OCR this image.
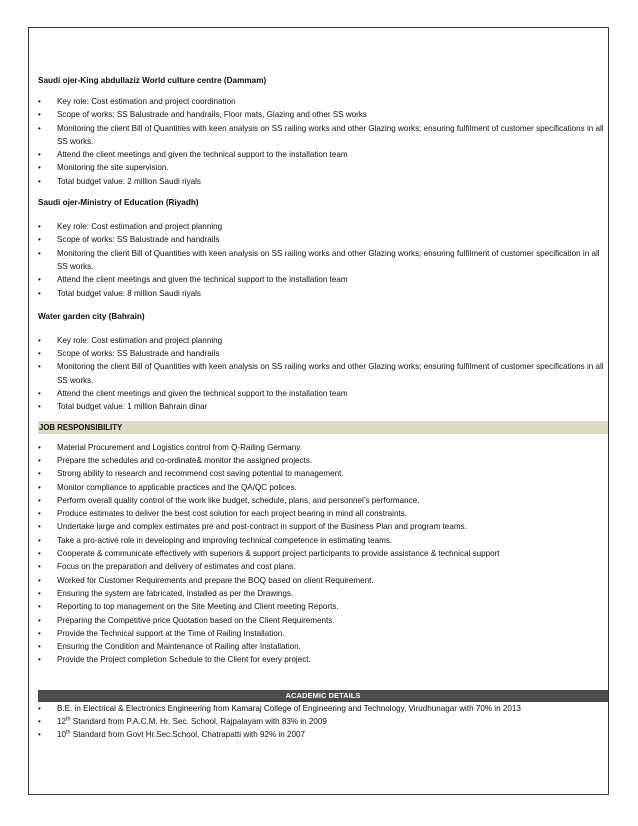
Saudi ojer-King abdullaziz World culture centre (Dammam)

• Key role: Cost estimation and project coordination
• Scope of works: SS Balustrade and handrails, Floor mats, Glazing and other SS works
• Monitoring the client Bill of Quantities with keen analysis on SS railing works and other Glazing works; ensuring fulfilment of customer specifications in all SS works.
• Attend the client meetings and given the technical support to the installation team
• Monitoring the site supervision.
• Total budget value: 2 million Saudi riyals

Saudi ojer-Ministry of Education (Riyadh)

• Key role: Cost estimation and project planning
• Scope of works: SS Balustrade and handrails
• Monitoring the client Bill of Quantities with keen analysis on SS railing works and other Glazing works; ensuring fulfilment of customer specification in all SS works.
• Attend the client meetings and given the technical support to the installation team
• Total budget value: 8 million Saudi riyals

Water garden city (Bahrain)

• Key role: Cost estimation and project planning
• Scope of works: SS Balustrade and handrails
• Monitoring the client Bill of Quantities with keen analysis on SS railing works and other Glazing works; ensuring fulfilment of customer specifications in all SS works.
• Attend the client meetings and given the technical support to the installation team
• Total budget value: 1 million Bahrain dinar
JOB RESPONSIBILITY
• Material Procurement and Logistics control from Q-Railing Germany.
• Prepare the schedules and co-ordinate& monitor the assigned projects.
• Strong ability to research and recommend cost saving potential to management.
• Monitor compliance to applicable practices and the QA/QC polices.
• Perform overall quality control of the work like budget, schedule, plans, and personnel’s performance.
• Produce estimates to deliver the best cost solution for each project bearing in mind all constraints.
• Undertake large and complex estimates pre and post-contract in support of the Business Plan and program teams.
• Take a pro-active role in developing and improving technical competence in estimating teams.
• Cooperate & communicate effectively with superiors & support project participants to provide assistance & technical support
• Focus on the preparation and delivery of estimates and cost plans.
• Worked for Customer Requirements and prepare the BOQ based on client Requirement.
• Ensuring the system are fabricated, Installed as per the Drawings.
• Reporting to top management on the Site Meeting and Client meeting Reports.
• Preparing the Competitive price Quotation based on the Client Requirements.
• Provide the Technical support at the Time of Railing Installation.
• Ensuring the Condition and Maintenance of Railing after Installation.
• Provide the Project completion Schedule to the Client for every project.
ACADEMIC DETAILS
• B.E. in Electrical & Electronics Engineering from Kamaraj College of Engineering and Technology, Virudhunagar with 70% in 2013
• 12th Standard from P.A.C.M. Hr. Sec. School, Rajpalayam with 83% in 2009
• 10th Standard from Govt Hr.Sec.School, Chatrapatti with 92% in 2007
